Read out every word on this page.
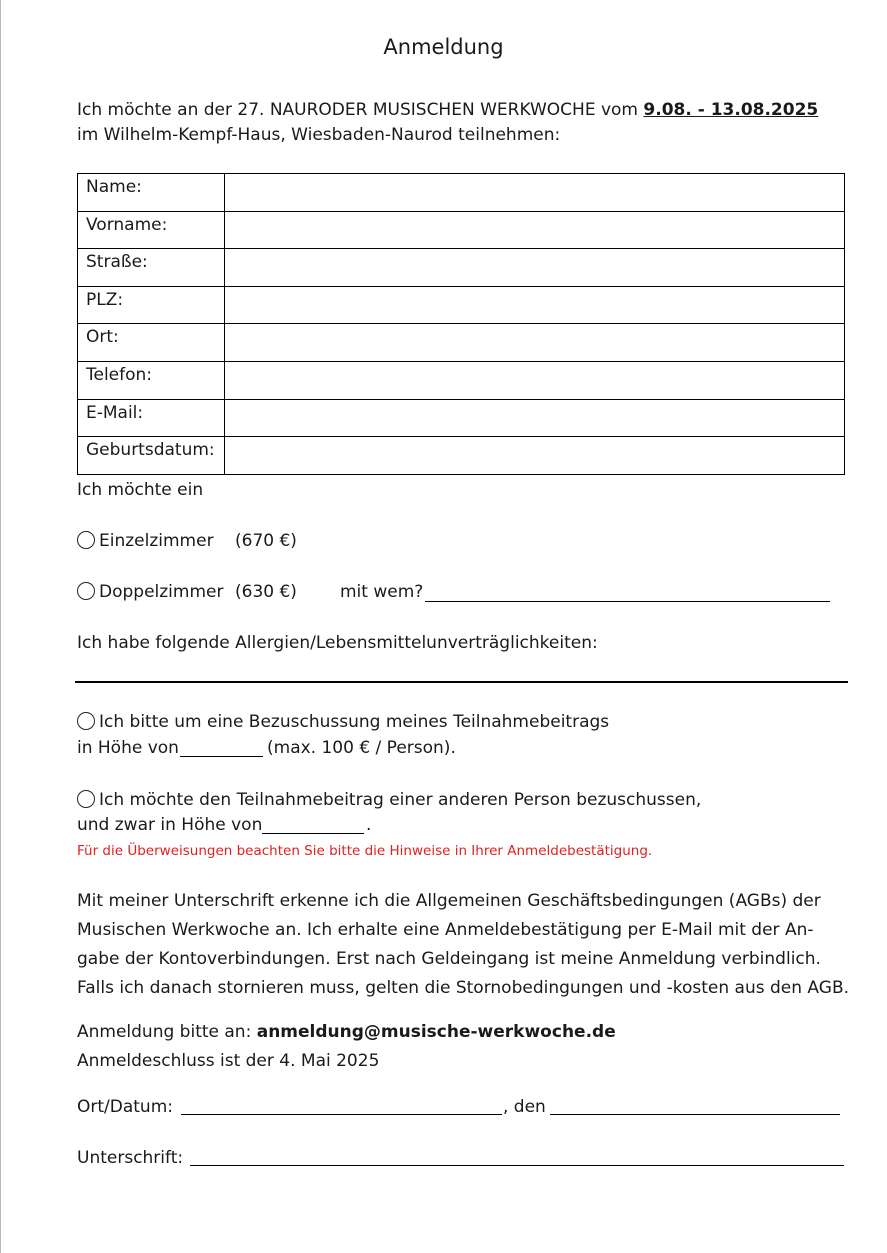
Anmeldung
Ich möchte an der 27. NAURODER MUSISCHEN WERKWOCHE vom 9.08. - 13.08.2025
im Wilhelm-Kempf-Haus, Wiesbaden-Naurod teilnehmen:
Name:	
Vorname:	
Straße:	
PLZ:	
Ort:	
Telefon:	
E-Mail:	
Geburtsdatum:	
Ich möchte ein
Einzelzimmer (670 €)
Doppelzimmer (630 €)	mit wem?
Ich habe folgende Allergien/Lebensmittelunverträglichkeiten:
Ich bitte um eine Bezuschussung meines Teilnahmebeitrags
in Höhe von	(max. 100 € / Person).
Ich möchte den Teilnahmebeitrag einer anderen Person bezuschussen,
und zwar in Höhe von	.
Für die Überweisungen beachten Sie bitte die Hinweise in Ihrer Anmeldebestätigung.
Mit meiner Unterschrift erkenne ich die Allgemeinen Geschäftsbedingungen (AGBs) der
Musischen Werkwoche an. Ich erhalte eine Anmeldebestätigung per E-Mail mit der An-
gabe der Kontoverbindungen. Erst nach Geldeingang ist meine Anmeldung verbindlich.
Falls ich danach stornieren muss, gelten die Stornobedingungen und -kosten aus den AGB.
Anmeldung bitte an: anmeldung@musische-werkwoche.de
Anmeldeschluss ist der 4. Mai 2025
Ort/Datum:	, den
Unterschrift:
